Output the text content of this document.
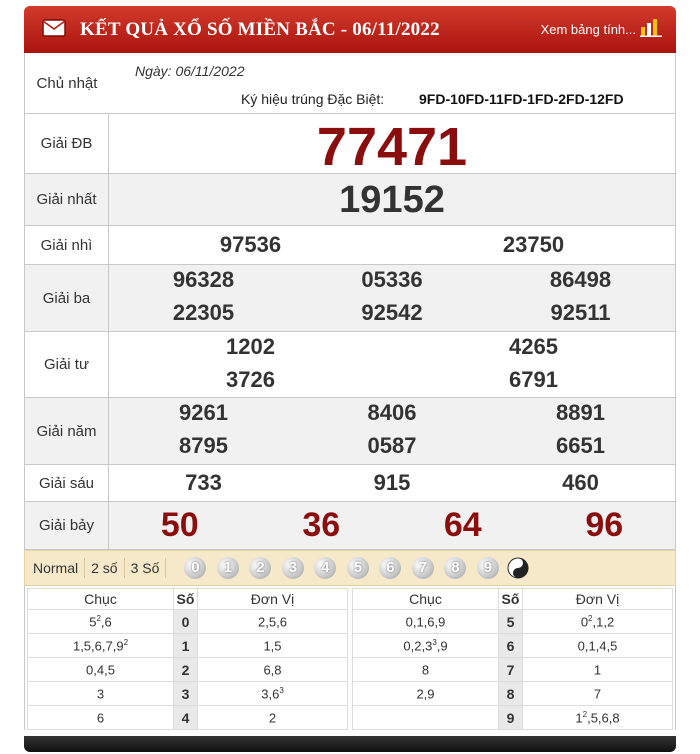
KẾT QUẢ XỔ SỐ MIỀN BẮC - 06/11/2022	Xem bảng tính...
Chủ nhật
Ngày: 06/11/2022
Ký hiệu trúng Đặc Biệt: 9FD-10FD-11FD-1FD-2FD-12FD
Giải ĐB	77471
Giải nhất	19152
Giải nhì	97536	23750
Giải ba
96328	05336	86498
22305	92542	92511
Giải tư
1202	4265
3726	6791
Giải năm
9261	8406	8891
8795	0587	6651
Giải sáu	733	915	460
Giải bảy	50	36	64	96
Normal 2 số 3 Số	0	1	2	3	4	5	6	7	8	9
Chục	Số	Đơn Vị
$5^2,6$	0	2,5,6
1,5,6,7,9$^2$	1	1,5
0,4,5	2	6,8
3	3	$3,6^3$
6	4	2
Chục	Số	Đơn Vị
0,1,6,9	5	$0^2,1,2$
0,2,3$^3$,9	6	0,1,4,5
8	7	1
2,9	8	7
	9	$1^2,5,6,8$
